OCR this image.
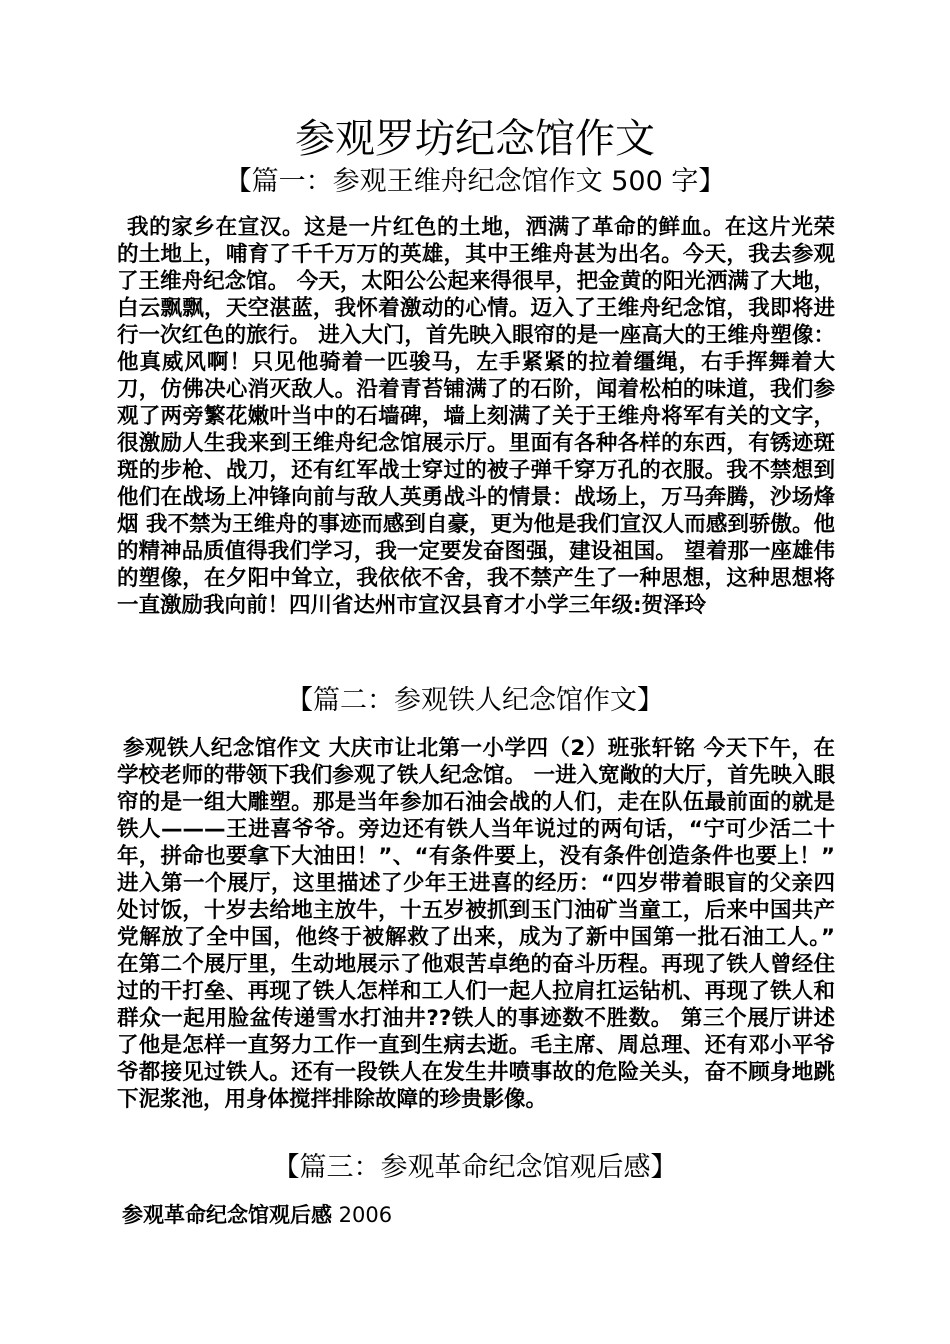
参观罗坊纪念馆作文
【篇一：参观王维舟纪念馆作文 500 字】

我的家乡在宣汉。这是一片红色的土地，洒满了革命的鲜血。在这片光荣的土地上，哺育了千千万万的英雄，其中王维舟甚为出名。今天，我去参观了王维舟纪念馆。 今天，太阳公公起来得很早，把金黄的阳光洒满了大地，白云飘飘，天空湛蓝，我怀着激动的心情。迈入了王维舟纪念馆，我即将进行一次红色的旅行。 进入大门，首先映入眼帘的是一座高大的王维舟塑像：他真威风啊！只见他骑着一匹骏马，左手紧紧的拉着缰绳，右手挥舞着大刀，仿佛决心消灭敌人。沿着青苔铺满了的石阶，闻着松柏的味道，我们参观了两旁繁花嫩叶当中的石墙碑，墙上刻满了关于王维舟将军有关的文字，很激励人生我来到王维舟纪念馆展示厅。里面有各种各样的东西，有锈迹斑斑的步枪、战刀，还有红军战士穿过的被子弹千穿万孔的衣服。我不禁想到他们在战场上冲锋向前与敌人英勇战斗的情景：战场上，万马奔腾，沙场烽烟 我不禁为王维舟的事迹而感到自豪，更为他是我们宣汉人而感到骄傲。他的精神品质值得我们学习，我一定要发奋图强，建设祖国。 望着那一座雄伟的塑像，在夕阳中耸立，我依依不舍，我不禁产生了一种思想，这种思想将一直激励我向前！四川省达州市宣汉县育才小学三年级:贺泽玲

【篇二：参观铁人纪念馆作文】

参观铁人纪念馆作文 大庆市让北第一小学四（2）班张轩铭 今天下午，在学校老师的带领下我们参观了铁人纪念馆。 一进入宽敞的大厅，首先映入眼帘的是一组大雕塑。那是当年参加石油会战的人们，走在队伍最前面的就是铁人———王进喜爷爷。旁边还有铁人当年说过的两句话，“宁可少活二十年，拼命也要拿下大油田！”、“有条件要上，没有条件创造条件也要上！” 进入第一个展厅，这里描述了少年王进喜的经历：“四岁带着眼盲的父亲四处讨饭，十岁去给地主放牛，十五岁被抓到玉门油矿当童工，后来中国共产党解放了全中国，他终于被解救了出来，成为了新中国第一批石油工人。” 在第二个展厅里，生动地展示了他艰苦卓绝的奋斗历程。再现了铁人曾经住过的干打垒、再现了铁人怎样和工人们一起人拉肩扛运钻机、再现了铁人和群众一起用脸盆传递雪水打油井??铁人的事迹数不胜数。 第三个展厅讲述了他是怎样一直努力工作一直到生病去逝。毛主席、周总理、还有邓小平爷爷都接见过铁人。还有一段铁人在发生井喷事故的危险关头，奋不顾身地跳下泥浆池，用身体搅拌排除故障的珍贵影像。

【篇三：参观革命纪念馆观后感】

参观革命纪念馆观后感 2006
